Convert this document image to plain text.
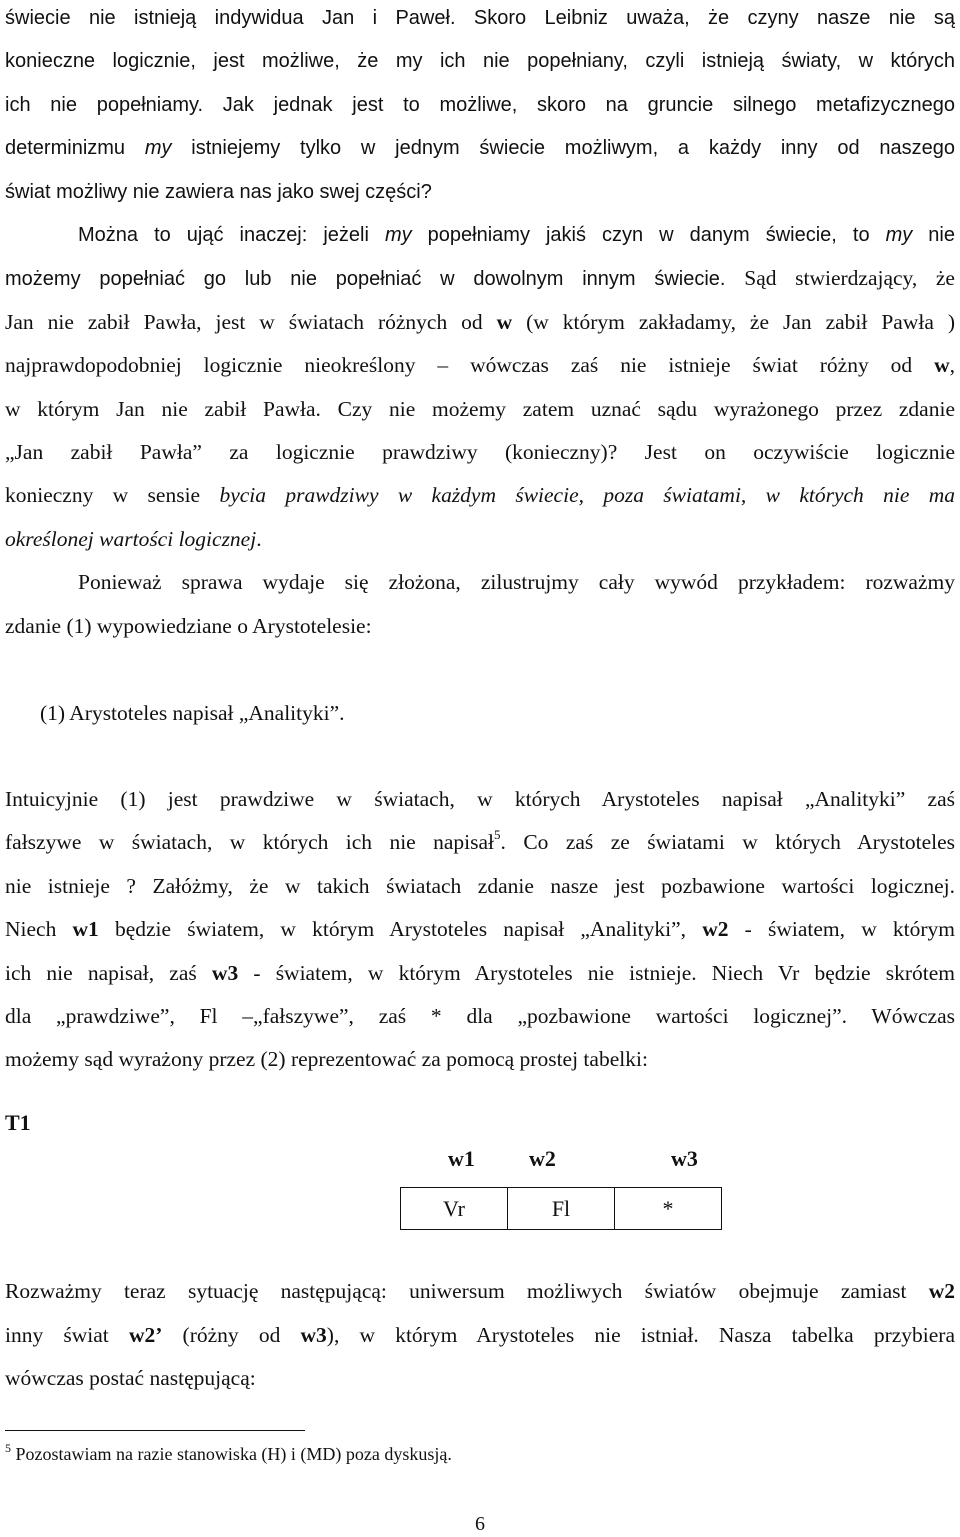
świecie nie istnieją indywidua Jan i Paweł. Skoro Leibniz uważa, że czyny nasze nie są
konieczne logicznie, jest możliwe, że my ich nie popełniany, czyli istnieją światy, w których
ich nie popełniamy. Jak jednak jest to możliwe, skoro na gruncie silnego metafizycznego
determinizmu my istniejemy tylko w jednym świecie możliwym, a każdy inny od naszego
świat możliwy nie zawiera nas jako swej części?
Można to ująć inaczej: jeżeli my popełniamy jakiś czyn w danym świecie, to my nie
możemy popełniać go lub nie popełniać w dowolnym innym świecie. Sąd stwierdzający, że
Jan nie zabił Pawła, jest w światach różnych od w (w którym zakładamy, że Jan zabił Pawła )
najprawdopodobniej logicznie nieokreślony – wówczas zaś nie istnieje świat różny od w,
w którym Jan nie zabił Pawła. Czy nie możemy zatem uznać sądu wyrażonego przez zdanie
„Jan zabił Pawła” za logicznie prawdziwy (konieczny)? Jest on oczywiście logicznie
konieczny w sensie bycia prawdziwy w każdym świecie, poza światami, w których nie ma
określonej wartości logicznej.
Ponieważ sprawa wydaje się złożona, zilustrujmy cały wywód przykładem: rozważmy
zdanie (1) wypowiedziane o Arystotelesie:
(1) Arystoteles napisał „Analityki”.
Intuicyjnie (1) jest prawdziwe w światach, w których Arystoteles napisał „Analityki” zaś
fałszywe w światach, w których ich nie napisał$^5$. Co zaś ze światami w których Arystoteles
nie istnieje ? Załóżmy, że w takich światach zdanie nasze jest pozbawione wartości logicznej.
Niech w1 będzie światem, w którym Arystoteles napisał „Analityki”, w2 - światem, w którym
ich nie napisał, zaś w3 - światem, w którym Arystoteles nie istnieje. Niech Vr będzie skrótem
dla „prawdziwe”, Fl –„fałszywe”, zaś * dla „pozbawione wartości logicznej”. Wówczas
możemy sąd wyrażony przez (2) reprezentować za pomocą prostej tabelki:
T1
w1 w2	w3
Vr	Fl	*
Rozważmy teraz sytuację następującą: uniwersum możliwych światów obejmuje zamiast w2
inny świat w2’ (różny od w3), w którym Arystoteles nie istniał. Nasza tabelka przybiera
wówczas postać następującą:
$^5$ Pozostawiam na razie stanowiska (H) i (MD) poza dyskusją.
6
